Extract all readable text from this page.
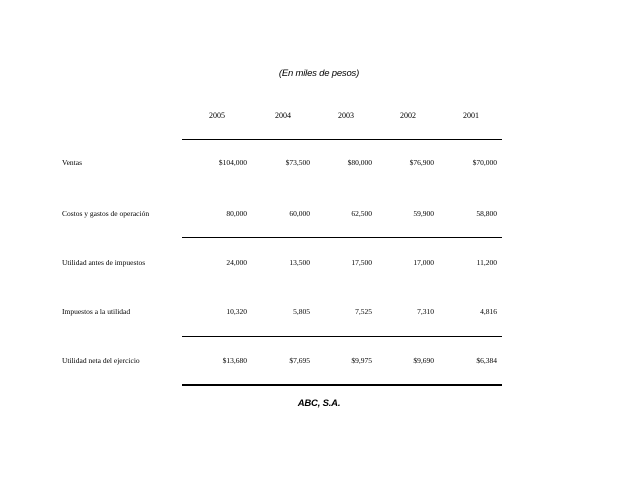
(En miles de pesos)
2005	2004	2003	2002	2001
Ventas	$104,000	$73,500	$80,000	$76,900	$70,000
Costos y gastos de operación	80,000	60,000	62,500	59,900	58,800
Utilidad antes de impuestos	24,000	13,500	17,500	17,000	11,200
Impuestos a la utilidad	10,320	5,805	7,525	7,310	4,816
Utilidad neta del ejercicio	$13,680	$7,695	$9,975	$9,690	$6,384
ABC, S.A.
